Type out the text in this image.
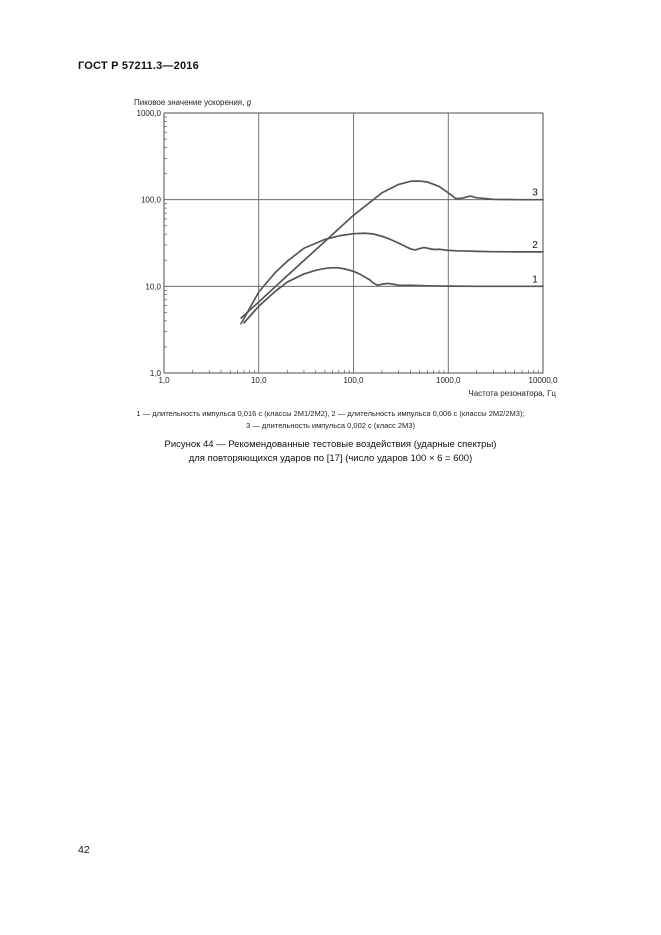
ГОСТ Р 57211.3—2016
Пиковое значение ускорения, g
1
2
3
1,0	10,0	100,0	1000,0	10000,0
1,0
10,0
100,0
1000,0
Частота резонатора, Гц
1 — длительность импульса 0,016 с (классы 2М1/2М2), 2 — длительность импульса 0,006 с (классы 2М2/2М3);
3 — длительность импульса 0,002 с (класс 2М3)
Рисунок 44 — Рекомендованные тестовые воздействия (ударные спектры)
для повторяющихся ударов по [17] (число ударов 100 × 6 = 600)
42
